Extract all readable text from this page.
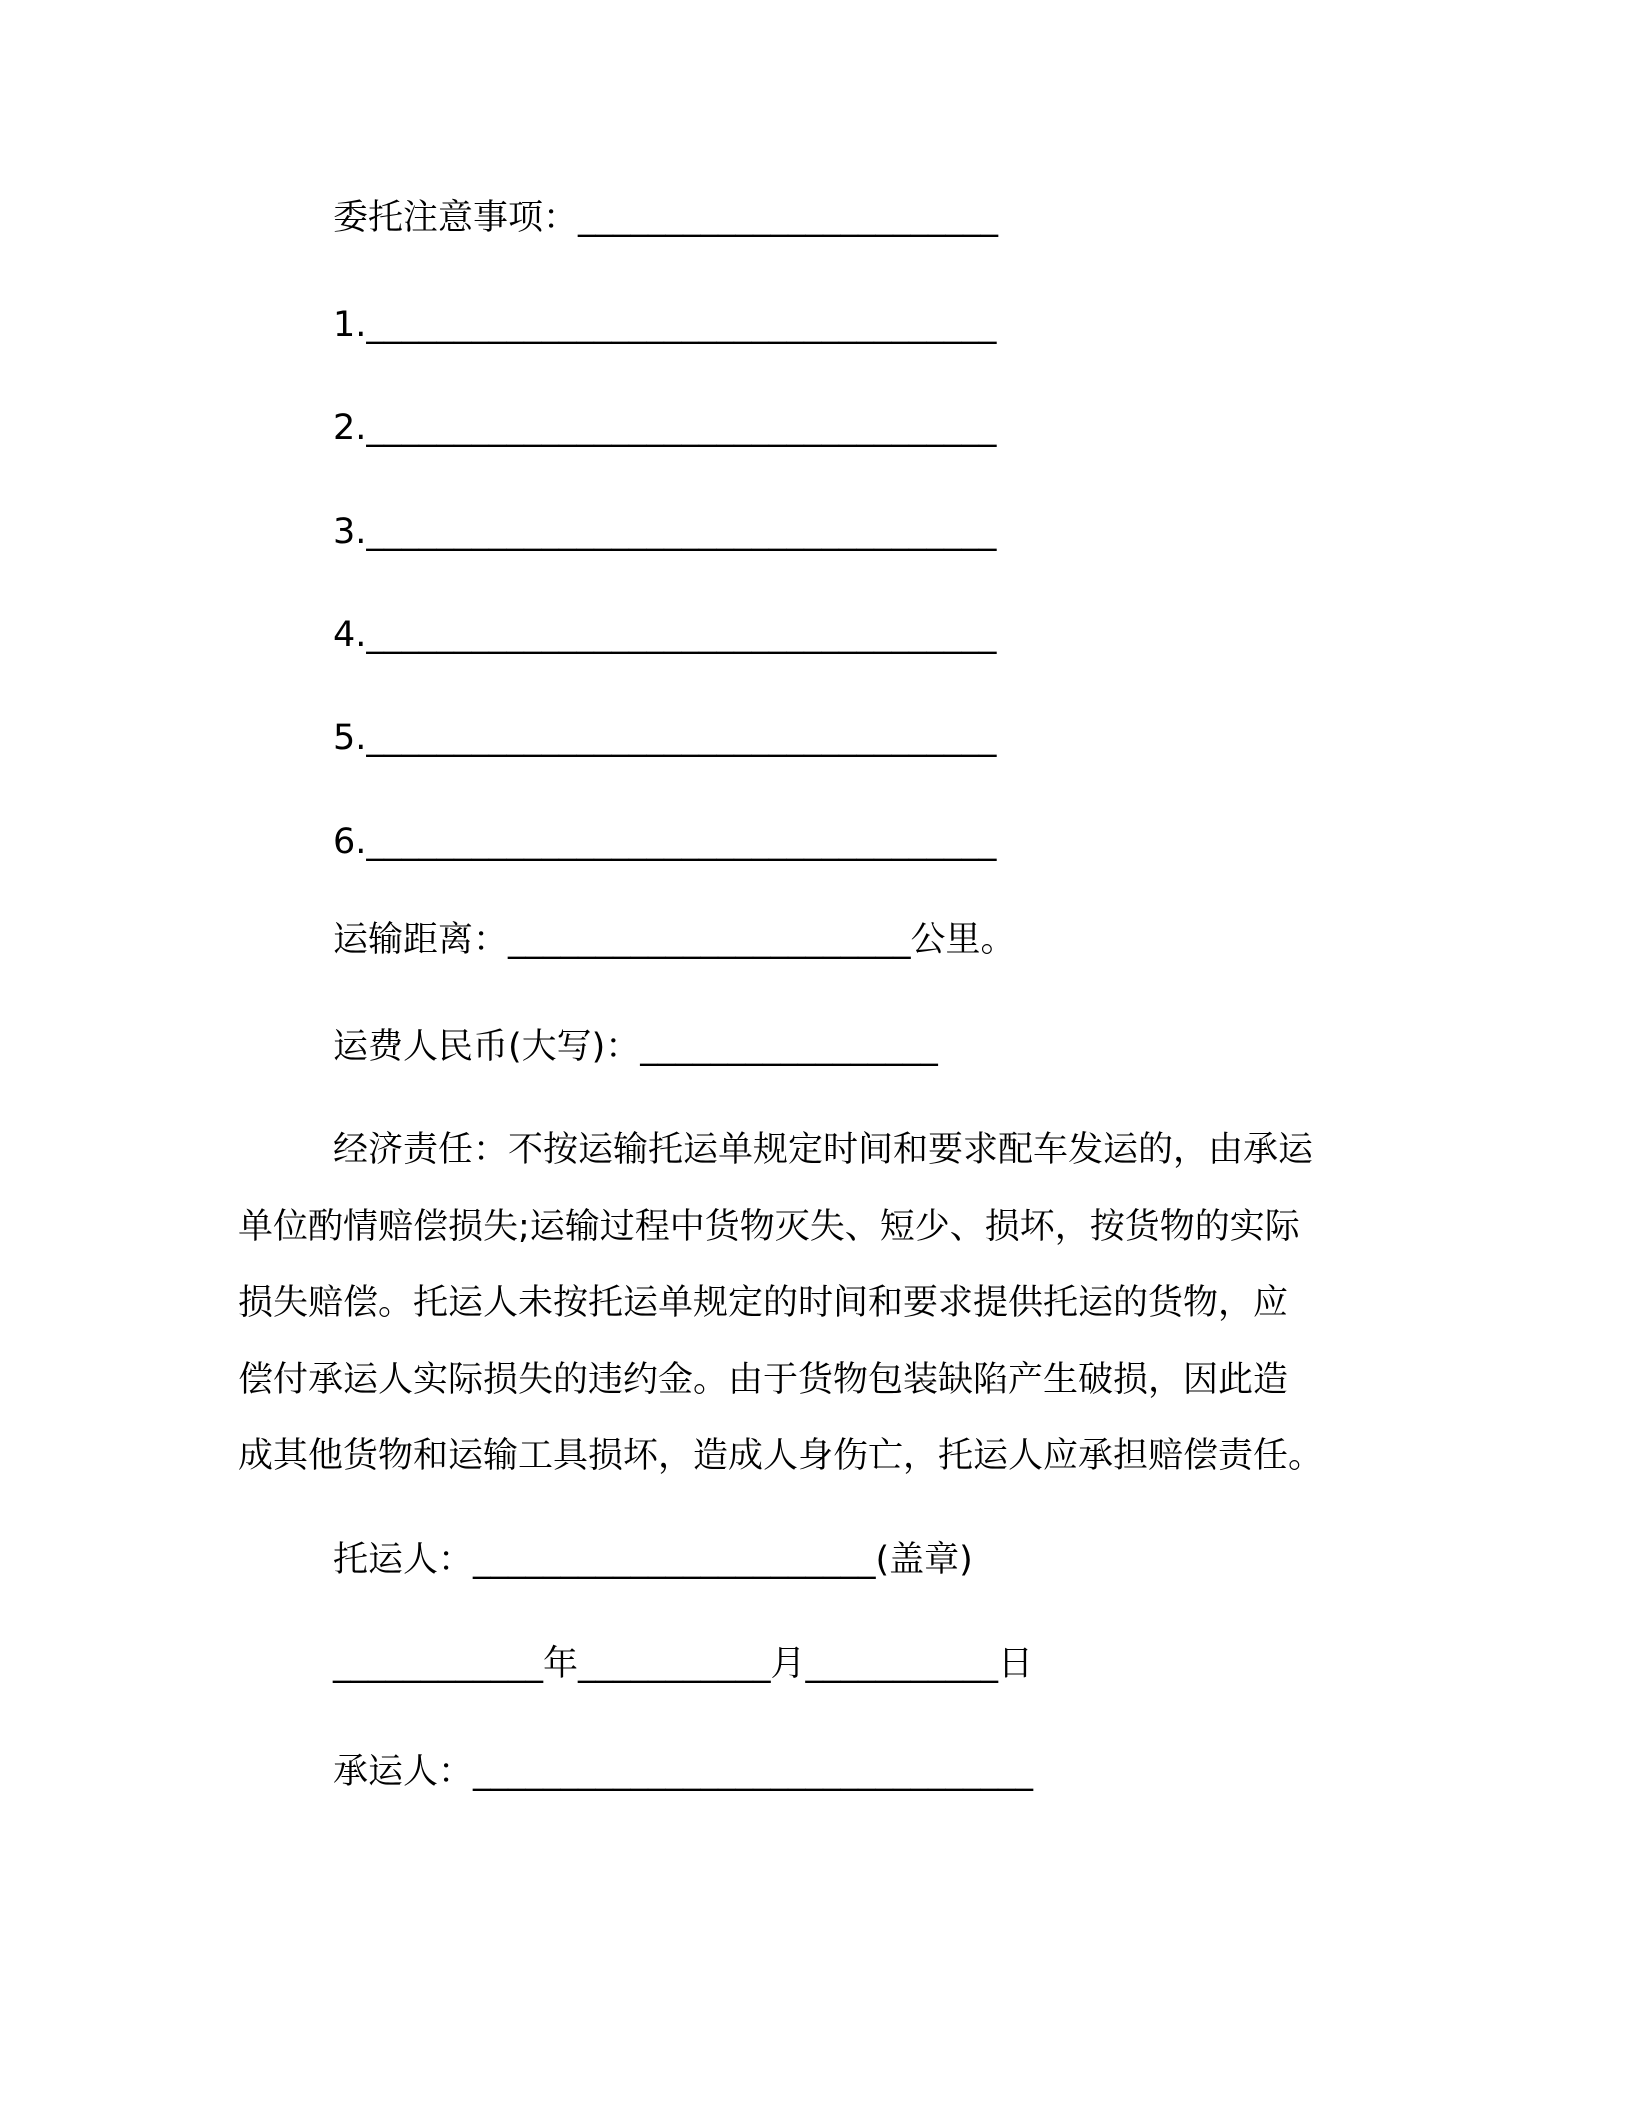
委托注意事项：________________________
1.____________________________________
2.____________________________________
3.____________________________________
4.____________________________________
5.____________________________________
6.____________________________________
运输距离：_______________________公里。
运费人民币(大写)：_________________
经济责任：不按运输托运单规定时间和要求配车发运的，由承运
单位酌情赔偿损失;运输过程中货物灭失、短少、损坏，按货物的实际
损失赔偿。托运人未按托运单规定的时间和要求提供托运的货物，应
偿付承运人实际损失的违约金。由于货物包装缺陷产生破损，因此造
成其他货物和运输工具损坏，造成人身伤亡，托运人应承担赔偿责任。
托运人：_______________________(盖章)
____________年___________月___________日
承运人：________________________________
